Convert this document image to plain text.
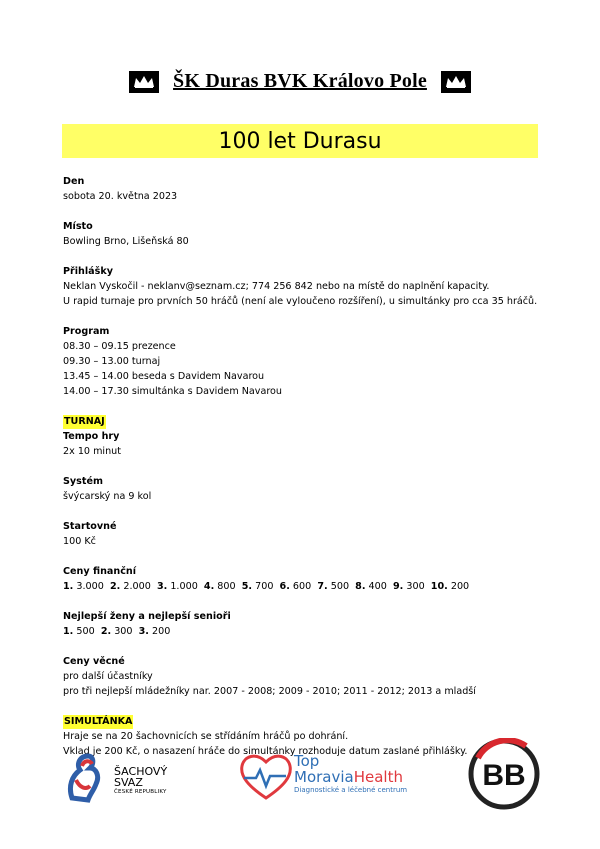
ŠK Duras BVK Královo Pole
100 let Durasu
Den
sobota 20. května 2023
Místo
Bowling Brno, Lišeňská 80
Přihlášky
Neklan Vyskočil - neklanv@seznam.cz; 774 256 842 nebo na místě do naplnění kapacity.
U rapid turnaje pro prvních 50 hráčů (není ale vyloučeno rozšíření), u simultánky pro cca 35 hráčů.
Program
08.30 – 09.15 prezence
09.30 – 13.00 turnaj
13.45 – 14.00 beseda s Davidem Navarou
14.00 – 17.30 simultánka s Davidem Navarou
TURNAJ
Tempo hry
2x 10 minut
Systém
švýcarský na 9 kol
Startovné
100 Kč
Ceny finanční
1. 3.000 2. 2.000 3. 1.000 4. 800 5. 700 6. 600 7. 500 8. 400 9. 300 10. 200
Nejlepší ženy a nejlepší senioři
1. 500 2. 300 3. 200
Ceny věcné
pro další účastníky
pro tři nejlepší mládežníky nar. 2007 - 2008; 2009 - 2010; 2011 - 2012; 2013 a mladší
SIMULTÁNKA
Hraje se na 20 šachovnicích se střídáním hráčů po dohrání.
Vklad je 200 Kč, o nasazení hráče do simultánky rozhoduje datum zaslané přihlášky.
ŠACHOVÝ
SVAZ
ČESKÉ REPUBLIKY
Top
MoraviaHealth
Diagnostické a léčebné centrum	BB
